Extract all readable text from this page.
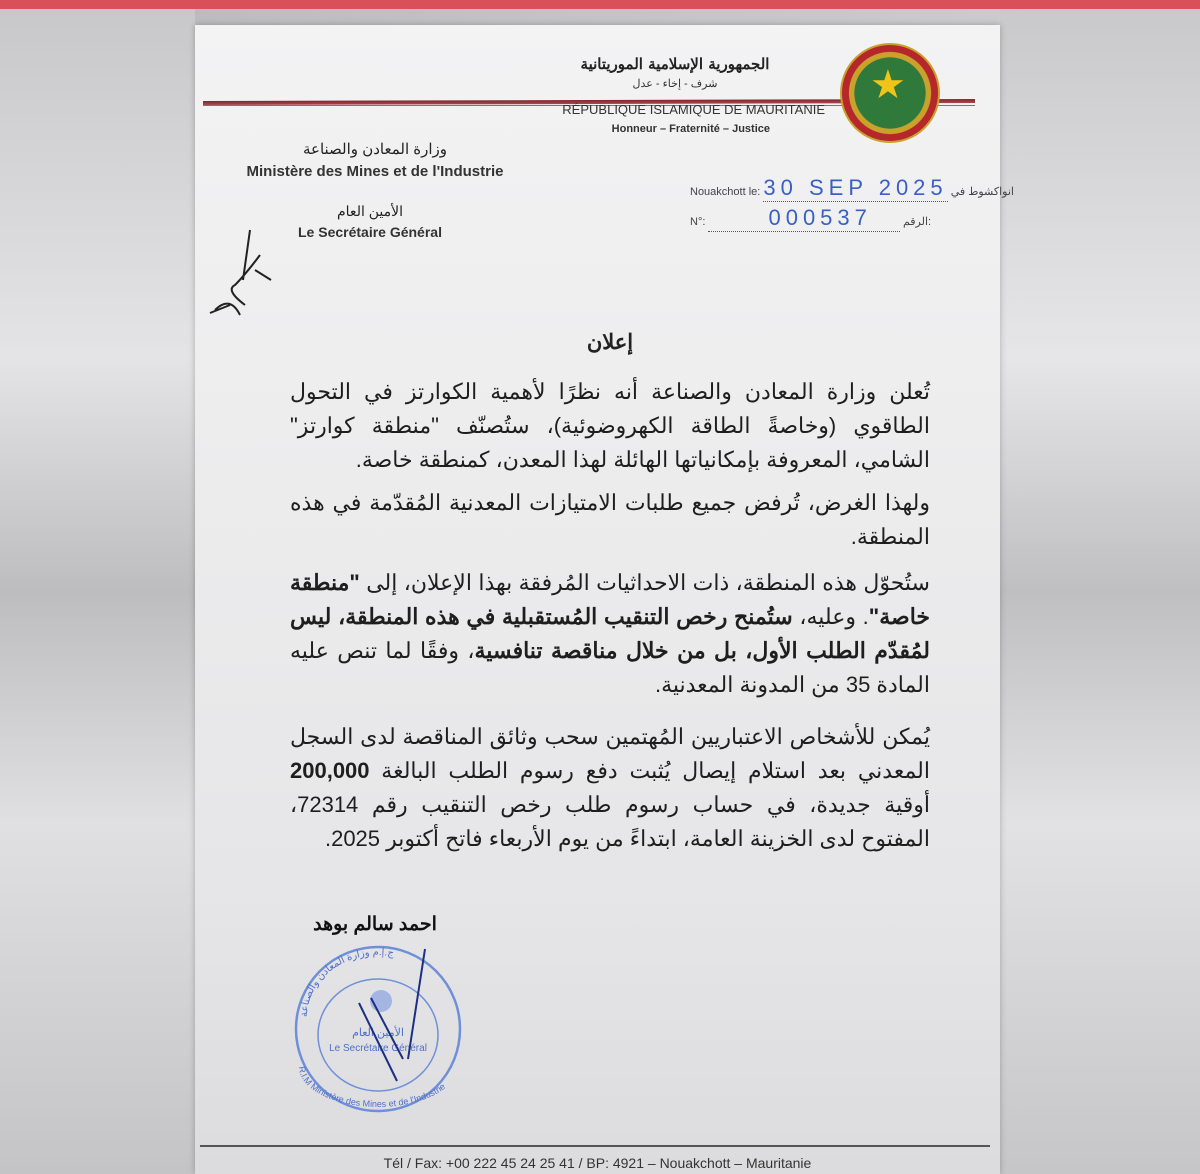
الجمهورية الإسلامية الموريتانية
شرف - إخاء - عدل
RÉPUBLIQUE ISLAMIQUE DE MAURITANIE
Honneur – Fraternité – Justice
★
وزارة المعادن والصناعة
Ministère des Mines et de l'Industrie
الأمين العام
Le Secrétaire Général
Nouakchott le: 30 SEP 2025 انواكشوط في
N°:	000537	الرقم:
إعلان
تُعلن وزارة المعادن والصناعة أنه نظرًا لأهمية الكوارتز في التحول
الطاقوي (وخاصةً الطاقة الكهروضوئية)، ستُصنّف "منطقة كوارتز"
الشامي، المعروفة بإمكانياتها الهائلة لهذا المعدن، كمنطقة خاصة.
ولهذا الغرض، تُرفض جميع طلبات الامتيازات المعدنية المُقدّمة في هذه
المنطقة.
ستُحوّل هذه المنطقة، ذات الاحداثيات المُرفقة بهذا الإعلان، إلى "منطقة
خاصة". وعليه، ستُمنح رخص التنقيب المُستقبلية في هذه المنطقة، ليس
لمُقدّم الطلب الأول، بل من خلال مناقصة تنافسية، وفقًا لما تنص عليه
المادة 35 من المدونة المعدنية.
يُمكن للأشخاص الاعتباريين المُهتمين سحب وثائق المناقصة لدى السجل
المعدني بعد استلام إيصال يُثبت دفع رسوم الطلب البالغة 200,000
أوقية جديدة، في حساب رسوم طلب رخص التنقيب رقم 72314،
المفتوح لدى الخزينة العامة، ابتداءً من يوم الأربعاء فاتح أكتوبر 2025.
احمد سالم بوهد
الأمين العام
Le Secrétaire Général
ج.إ.م وزارة المعادن والصناعة
R.I.M Ministère des Mines et de l'Industrie
Tél / Fax: +00 222 45 24 25 41 / BP: 4921 – Nouakchott – Mauritanie
